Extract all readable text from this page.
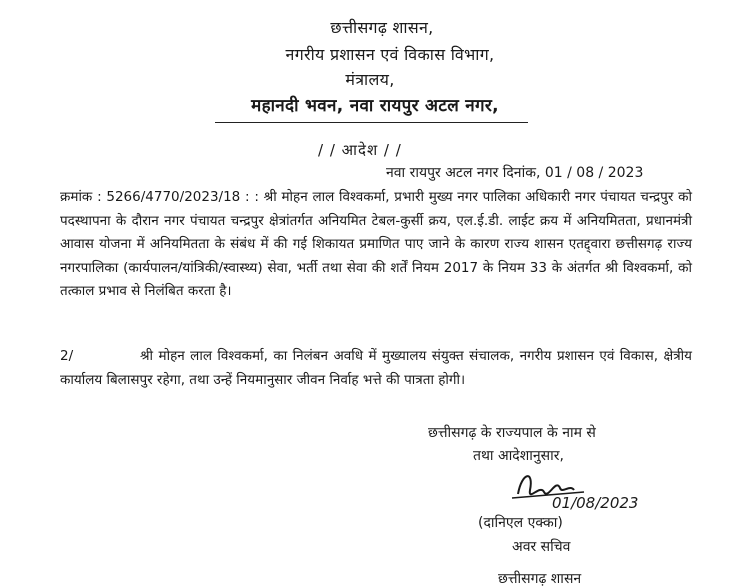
छत्तीसगढ़ शासन,
नगरीय प्रशासन एवं विकास विभाग,
मंत्रालय,
महानदी भवन, नवा रायपुर अटल नगर,
/ / आदेश / /
नवा रायपुर अटल नगर दिनांक, 01 / 08 / 2023
क्रमांक : 5266/4770/2023/18 : : श्री मोहन लाल विश्वकर्मा, प्रभारी मुख्य नगर पालिका अधिकारी नगर पंचायत चन्द्रपुर को पदस्थापना के दौरान नगर पंचायत चन्द्रपुर क्षेत्रांतर्गत अनियमित टेबल-कुर्सी क्रय, एल.ई.डी. लाईट क्रय में अनियमितता, प्रधानमंत्री आवास योजना में अनियमितता के संबंध में की गई शिकायत प्रमाणित पाए जाने के कारण राज्य शासन एतद्द्वारा छत्तीसगढ़ राज्य नगरपालिका (कार्यपालन/यांत्रिकी/स्वास्थ्य) सेवा, भर्ती तथा सेवा की शर्तें नियम 2017 के नियम 33 के अंतर्गत श्री विश्वकर्मा, को तत्काल प्रभाव से निलंबित करता है।
2/	श्री मोहन लाल विश्वकर्मा, का निलंबन अवधि में मुख्यालय संयुक्त संचालक, नगरीय प्रशासन एवं विकास, क्षेत्रीय कार्यालय बिलासपुर रहेगा, तथा उन्हें नियमानुसार जीवन निर्वाह भत्ते की पात्रता होगी।
छत्तीसगढ़ के राज्यपाल के नाम से
तथा आदेशानुसार,
01/08/2023
(दानिएल एक्का)
अवर सचिव
छत्तीसगढ़ शासन
